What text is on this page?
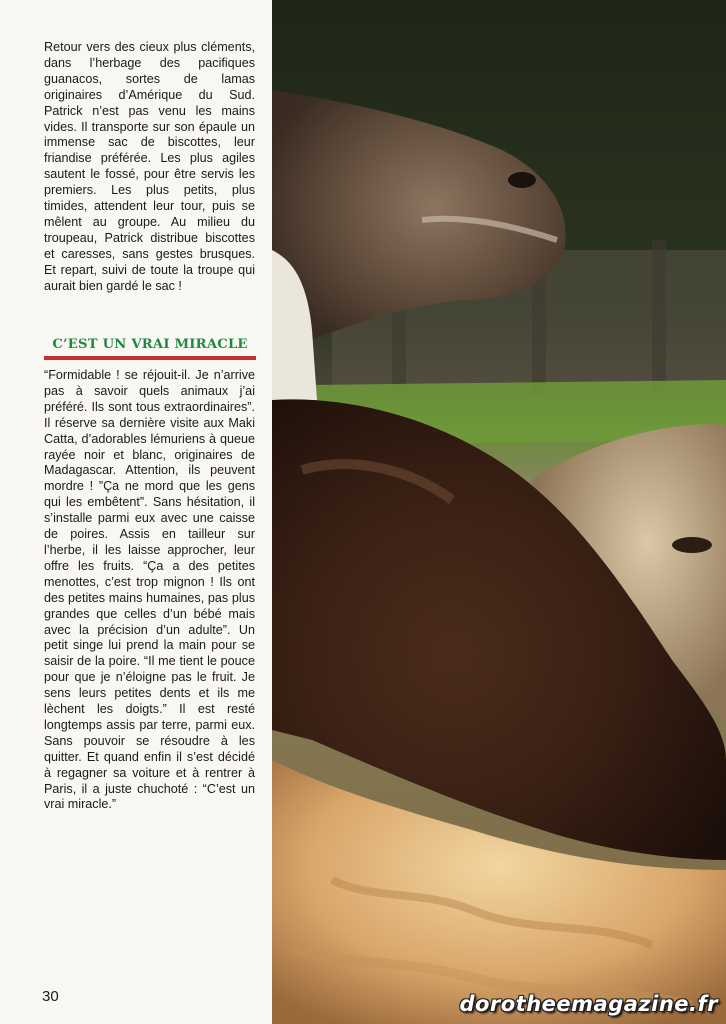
Retour vers des cieux plus cléments, dans l’herbage des pacifiques guanacos, sortes de lamas originaires d’Amérique du Sud. Patrick n’est pas venu les mains vides. Il transporte sur son épaule un immense sac de biscottes, leur friandise préférée. Les plus agiles sautent le fossé, pour être servis les premiers. Les plus petits, plus timides, attendent leur tour, puis se mêlent au groupe. Au milieu du troupeau, Patrick distribue biscottes et caresses, sans gestes brusques. Et repart, suivi de toute la troupe qui aurait bien gardé le sac !

C’EST UN VRAI MIRACLE

“Formidable ! se réjouit-il. Je n’arrive pas à savoir quels animaux j’ai préféré. Ils sont tous extraordinaires”. Il réserve sa dernière visite aux Maki Catta, d’adorables lémuriens à queue rayée noir et blanc, originaires de Madagascar. Attention, ils peuvent mordre ! ”Ça ne mord que les gens qui les embêtent”. Sans hésitation, il s’installe parmi eux avec une caisse de poires. Assis en tailleur sur l’herbe, il les laisse approcher, leur offre les fruits. “Ça a des petites menottes, c’est trop mignon ! Ils ont des petites mains humaines, pas plus grandes que celles d’un bébé mais avec la précision d’un adulte”. Un petit singe lui prend la main pour se saisir de la poire. “Il me tient le pouce pour que je n’éloigne pas le fruit. Je sens leurs petites dents et ils me lèchent les doigts.” Il est resté longtemps assis par terre, parmi eux. Sans pouvoir se résoudre à les quitter. Et quand enfin il s’est décidé à regagner sa voiture et à rentrer à Paris, il a juste chuchoté : “C’est un vrai miracle.”

30	dorotheemagazine.fr
